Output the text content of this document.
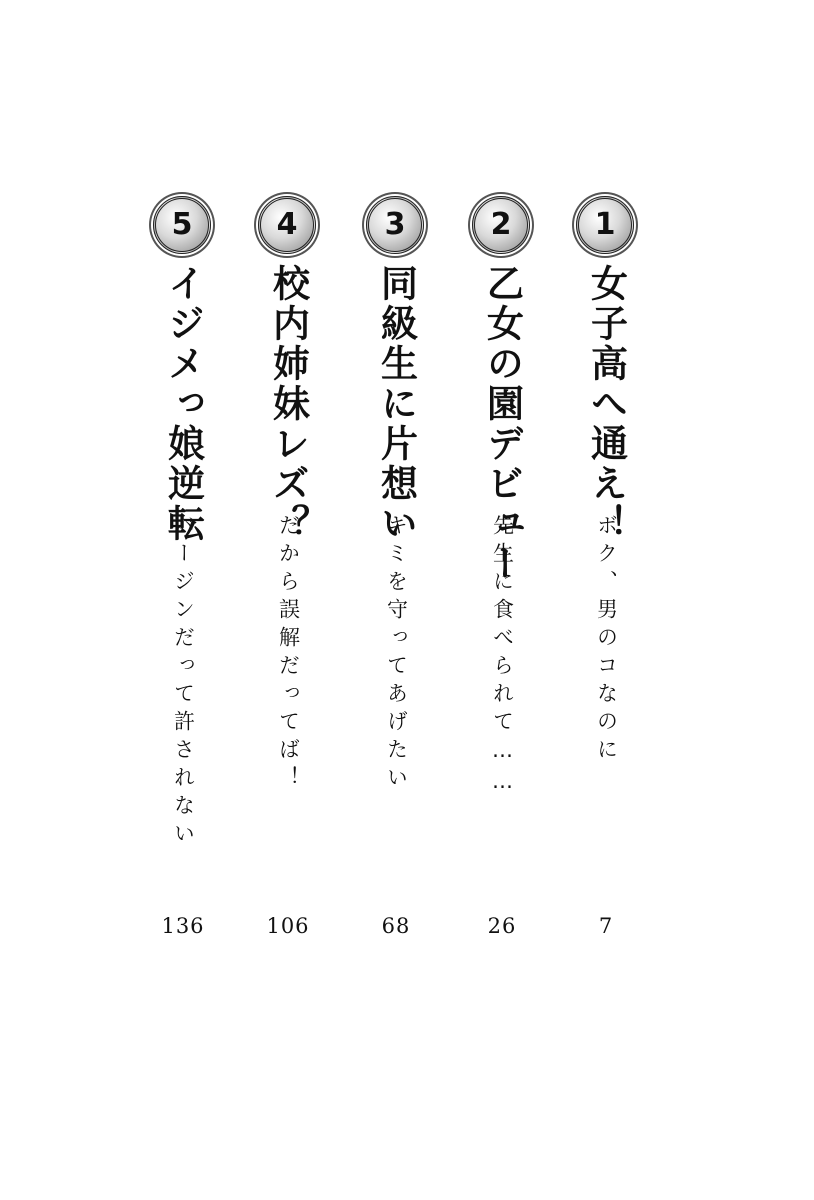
1
女子高へ通え！
ボク、男のコなのに
7
2
乙女の園デビュー
先生に食べられて……
26
3
同級生に片想い
キミを守ってあげたい
68
4
校内姉妹レズ？
だから誤解だってば！
106
5
イジメっ娘逆転
バージンだって許されない
136
